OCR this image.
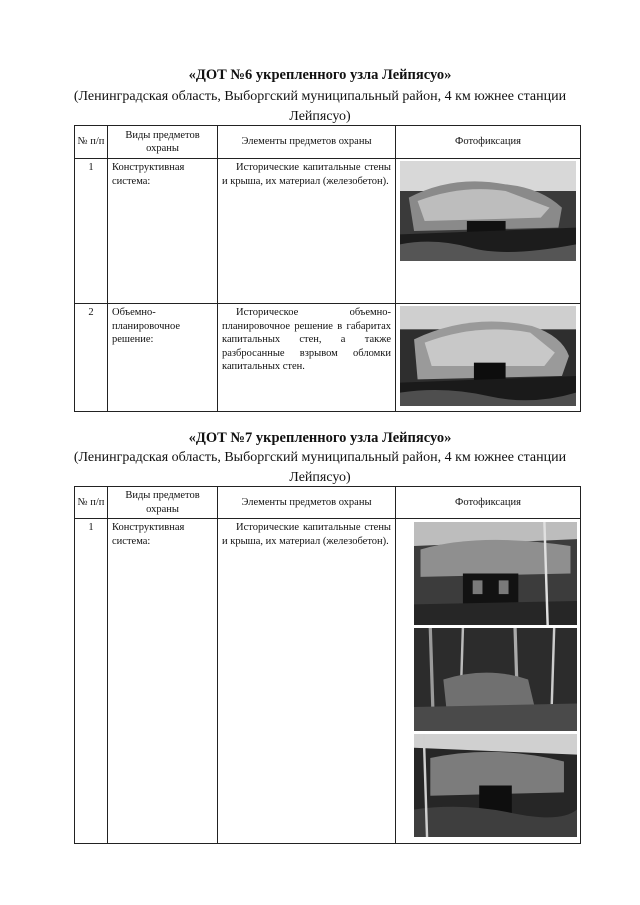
«ДОТ №6 укрепленного узла Лейпясуо»
(Ленинградская область, Выборгский муниципальный район, 4 км южнее станции
Лейпясуо)
№ п/п	Виды предметов охраны	Элементы предметов охраны	Фотофиксация
1	Конструктивная система:	Исторические капитальные стены и крыша, их материал (железобетон).	

2	Объемно-планировочное решение:	Историческое объемно-планировочное решение в габаритах капитальных стен, а также разбросанные взрывом обломки капитальных стен.	
«ДОТ №7 укрепленного узла Лейпясуо»
(Ленинградская область, Выборгский муниципальный район, 4 км южнее станции
Лейпясуо)
№ п/п	Виды предметов охраны	Элементы предметов охраны	Фотофиксация
1	Конструктивная система:	Исторические капитальные стены и крыша, их материал (железобетон).	
